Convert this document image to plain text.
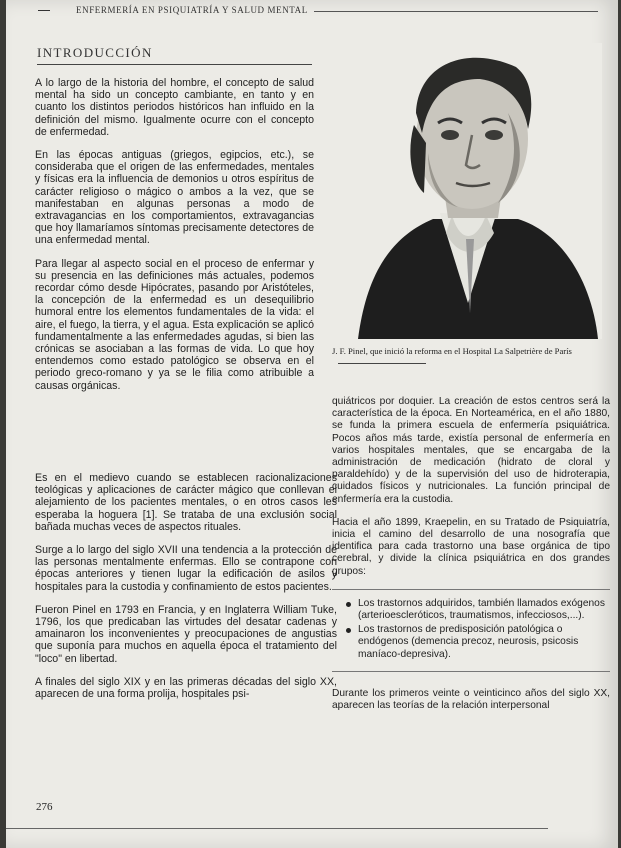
ENFERMERÍA EN PSIQUIATRÍA Y SALUD MENTAL
INTRODUCCIÓN

A lo largo de la historia del hombre, el concepto de salud mental ha sido un concepto cambiante, en tanto y en cuanto los distintos periodos históricos han influido en la definición del mismo. Igualmente ocurre con el concepto de enfermedad.

En las épocas antiguas (griegos, egipcios, etc.), se consideraba que el origen de las enfermedades, mentales y físicas era la influencia de demonios u otros espíritus de carácter religioso o mágico o ambos a la vez, que se manifestaban en algunas personas a modo de extravagancias en los comportamientos, extravagancias que hoy llamaríamos síntomas precisamente detectores de una enfermedad mental.

Para llegar al aspecto social en el proceso de enfermar y su presencia en las definiciones más actuales, podemos recordar cómo desde Hipócrates, pasando por Aristóteles, la concepción de la enfermedad es un desequilibrio humoral entre los elementos fundamentales de la vida: el aire, el fuego, la tierra, y el agua. Esta explicación se aplicó fundamentalmente a las enfermedades agudas, si bien las crónicas se asociaban a las formas de vida. Lo que hoy entendemos como estado patológico se observa en el periodo greco-romano y ya se le filia como atribuible a causas orgánicas.

J. F. Pinel, que inició la reforma en el Hospital La Salpetrière de París

Es en el medievo cuando se establecen racionalizaciones teológicas y aplicaciones de carácter mágico que conllevan el alejamiento de los pacientes mentales, o en otros casos les esperaba la hoguera [1]. Se trataba de una exclusión social bañada muchas veces de aspectos rituales.

Surge a lo largo del siglo XVII una tendencia a la protección de las personas mentalmente enfermas. Ello se contrapone con épocas anteriores y tienen lugar la edificación de asilos y hospitales para la custodia y confinamiento de estos pacientes.

Fueron Pinel en 1793 en Francia, y en Inglaterra William Tuke, 1796, los que predicaban las virtudes del desatar cadenas y amainaron los inconvenientes y preocupaciones de angustias que suponía para muchos en aquella época el tratamiento del "loco" en libertad.

A finales del siglo XIX y en las primeras décadas del siglo XX, aparecen de una forma prolija, hospitales psi-

quiátricos por doquier. La creación de estos centros será la característica de la época. En Norteamérica, en el año 1880, se funda la primera escuela de enfermería psiquiátrica. Pocos años más tarde, existía personal de enfermería en varios hospitales mentales, que se encargaba de la administración de medicación (hidrato de cloral y paraldehído) y de la supervisión del uso de hidroterapia, cuidados físicos y nutricionales. La función principal de enfermería era la custodia.

Hacia el año 1899, Kraepelin, en su Tratado de Psiquiatría, inicia el camino del desarrollo de una nosografía que identifica para cada trastorno una base orgánica de tipo cerebral, y divide la clínica psiquiátrica en dos grandes grupos:

Los trastornos adquiridos, también llamados exógenos (arterioescleróticos, traumatismos, infecciosos,...).
Los trastornos de predisposición patológica o endógenos (demencia precoz, neurosis, psicosis maníaco-depresiva).

Durante los primeros veinte o veinticinco años del siglo XX, aparecen las teorías de la relación interpersonal

276
